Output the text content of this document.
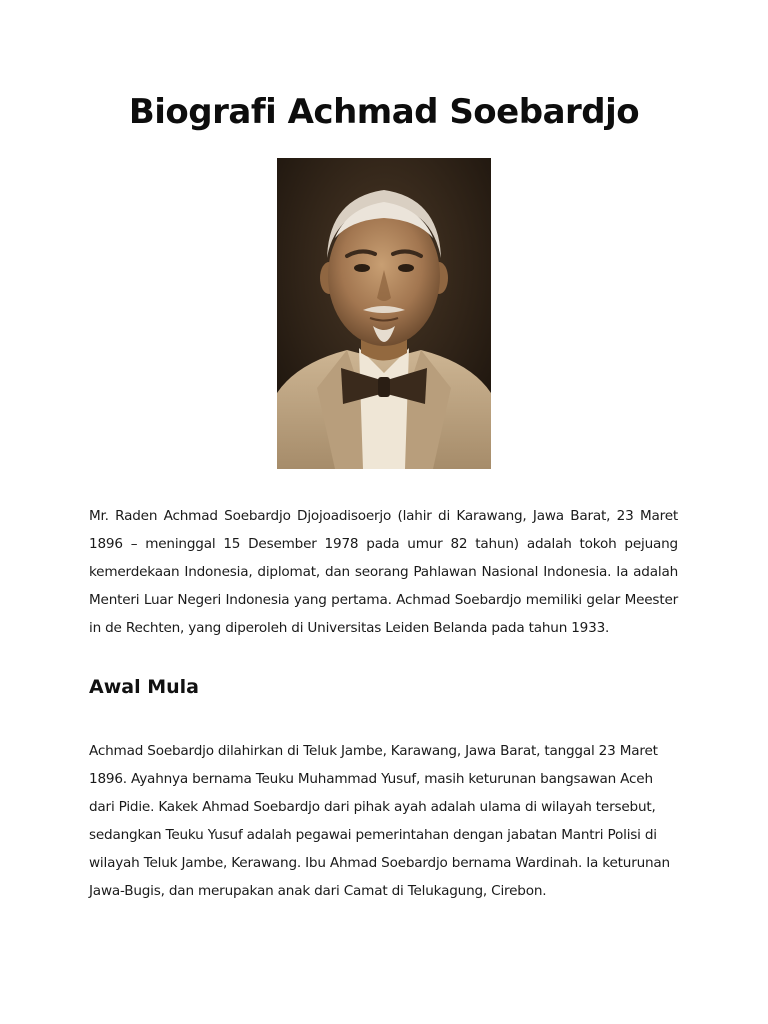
Biografi Achmad Soebardjo

Mr. Raden Achmad Soebardjo Djojoadisoerjo (lahir di Karawang, Jawa Barat, 23 Maret 1896 – meninggal 15 Desember 1978 pada umur 82 tahun) adalah tokoh pejuang kemerdekaan Indonesia, diplomat, dan seorang Pahlawan Nasional Indonesia. Ia adalah Menteri Luar Negeri Indonesia yang pertama. Achmad Soebardjo memiliki gelar Meester in de Rechten, yang diperoleh di Universitas Leiden Belanda pada tahun 1933.

Awal Mula

Achmad Soebardjo dilahirkan di Teluk Jambe, Karawang, Jawa Barat, tanggal 23 Maret 1896. Ayahnya bernama Teuku Muhammad Yusuf, masih keturunan bangsawan Aceh dari Pidie. Kakek Ahmad Soebardjo dari pihak ayah adalah ulama di wilayah tersebut, sedangkan Teuku Yusuf adalah pegawai pemerintahan dengan jabatan Mantri Polisi di wilayah Teluk Jambe, Kerawang. Ibu Ahmad Soebardjo bernama Wardinah. Ia keturunan Jawa-Bugis, dan merupakan anak dari Camat di Telukagung, Cirebon.
